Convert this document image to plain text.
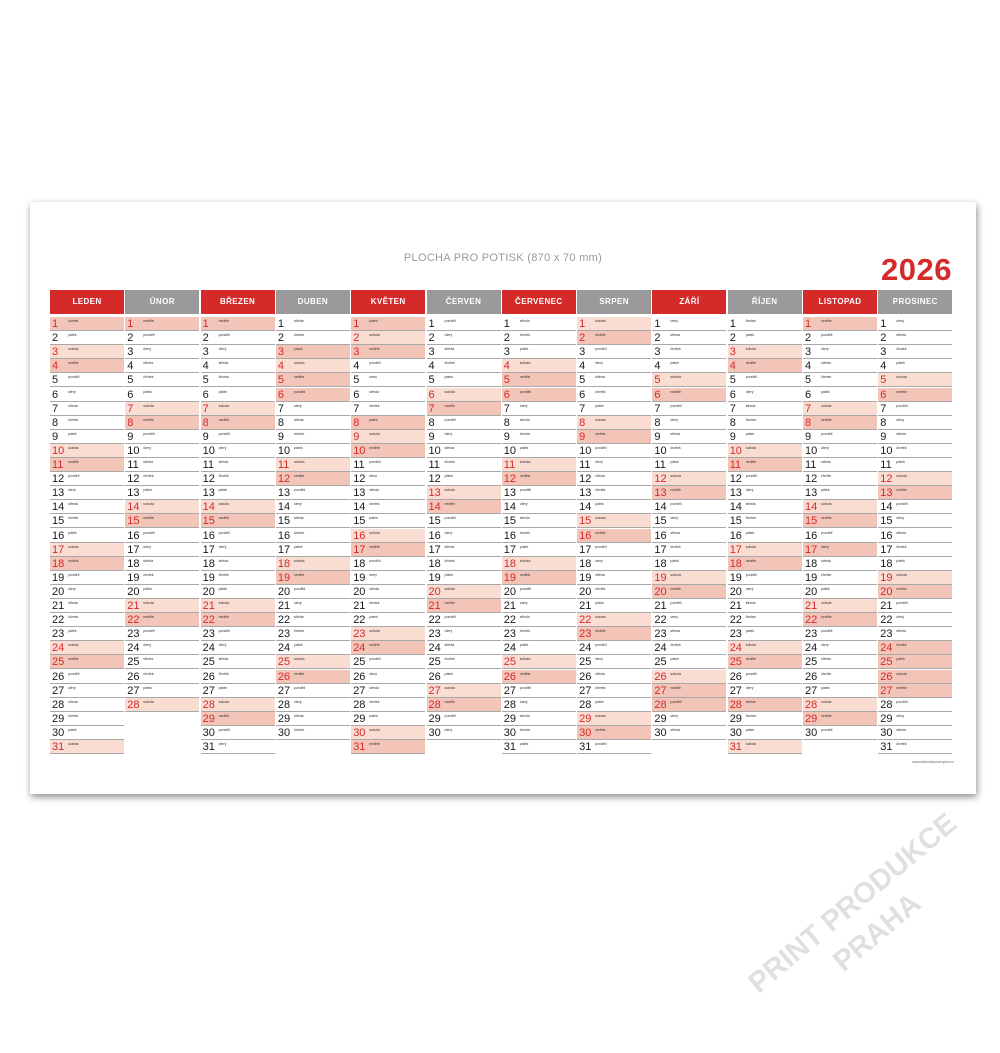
PLOCHA PRO POTISK (870 x 70 mm)	2026
LEDEN
1	čtvrtek
2	pátek
3	sobota
4	neděle
5	pondělí
6	úterý
7	středa
8	čtvrtek
9	pátek
10 sobota
11 neděle
12 pondělí
13 úterý
14 středa
15 čtvrtek
16 pátek
17 sobota
18 neděle
19 pondělí
20 úterý
21 středa
22 čtvrtek
23 pátek
24 sobota
25 neděle
26 pondělí
27 úterý
28 středa
29 čtvrtek
30 pátek
31 sobota
ÚNOR
1	neděle
2	pondělí
3	úterý
4	středa
5	čtvrtek
6	pátek
7	sobota
8	neděle
9	pondělí
10 úterý
11 středa
12 čtvrtek
13 pátek
14 sobota
15 neděle
16 pondělí
17 úterý
18 středa
19 čtvrtek
20 pátek
21 sobota
22 neděle
23 pondělí
24 úterý
25 středa
26 čtvrtek
27 pátek
28 sobota
BŘEZEN
1	neděle
2	pondělí
3	úterý
4	středa
5	čtvrtek
6	pátek
7	sobota
8	neděle
9	pondělí
10 úterý
11 středa
12 čtvrtek
13 pátek
14 sobota
15 neděle
16 pondělí
17 úterý
18 středa
19 čtvrtek
20 pátek
21 sobota
22 neděle
23 pondělí
24 úterý
25 středa
26 čtvrtek
27 pátek
28 sobota
29 neděle
30 pondělí
31 úterý
DUBEN
1	středa
2	čtvrtek
3	pátek
4	sobota
5	neděle
6	pondělí
7	úterý
8	středa
9	čtvrtek
10 pátek
11 sobota
12 neděle
13 pondělí
14 úterý
15 středa
16 čtvrtek
17 pátek
18 sobota
19 neděle
20 pondělí
21 úterý
22 středa
23 čtvrtek
24 pátek
25 sobota
26 neděle
27 pondělí
28 úterý
29 středa
30 čtvrtek
KVĚTEN
1	pátek
2	sobota
3	neděle
4	pondělí
5	úterý
6	středa
7	čtvrtek
8	pátek
9	sobota
10 neděle
11 pondělí
12 úterý
13 středa
14 čtvrtek
15 pátek
16 sobota
17 neděle
18 pondělí
19 úterý
20 středa
21 čtvrtek
22 pátek
23 sobota
24 neděle
25 pondělí
26 úterý
27 středa
28 čtvrtek
29 pátek
30 sobota
31 neděle
ČERVEN
1	pondělí
2	úterý
3	středa
4	čtvrtek
5	pátek
6	sobota
7	neděle
8	pondělí
9	úterý
10 středa
11 čtvrtek
12 pátek
13 sobota
14 neděle
15 pondělí
16 úterý
17 středa
18 čtvrtek
19 pátek
20 sobota
21 neděle
22 pondělí
23 úterý
24 středa
25 čtvrtek
26 pátek
27 sobota
28 neděle
29 pondělí
30 úterý
ČERVENEC
1	středa
2	čtvrtek
3	pátek
4	sobota
5	neděle
6	pondělí
7	úterý
8	středa
9	čtvrtek
10 pátek
11 sobota
12 neděle
13 pondělí
14 úterý
15 středa
16 čtvrtek
17 pátek
18 sobota
19 neděle
20 pondělí
21 úterý
22 středa
23 čtvrtek
24 pátek
25 sobota
26 neděle
27 pondělí
28 úterý
29 středa
30 čtvrtek
31 pátek
SRPEN
1	sobota
2	neděle
3	pondělí
4	úterý
5	středa
6	čtvrtek
7	pátek
8	sobota
9	neděle
10 pondělí
11 úterý
12 středa
13 čtvrtek
14 pátek
15 sobota
16 neděle
17 pondělí
18 úterý
19 středa
20 čtvrtek
21 pátek
22 sobota
23 neděle
24 pondělí
25 úterý
26 středa
27 čtvrtek
28 pátek
29 sobota
30 neděle
31 pondělí
ZÁŘÍ
1	úterý
2	středa
3	čtvrtek
4	pátek
5	sobota
6	neděle
7	pondělí
8	úterý
9	středa
10 čtvrtek
11 pátek
12 sobota
13 neděle
14 pondělí
15 úterý
16 středa
17 čtvrtek
18 pátek
19 sobota
20 neděle
21 pondělí
22 úterý
23 středa
24 čtvrtek
25 pátek
26 sobota
27 neděle
28 pondělí
29 úterý
30 středa
ŘÍJEN
1	čtvrtek
2	pátek
3	sobota
4	neděle
5	pondělí
6	úterý
7	středa
8	čtvrtek
9	pátek
10 sobota
11 neděle
12 pondělí
13 úterý
14 středa
15 čtvrtek
16 pátek
17 sobota
18 neděle
19 pondělí
20 úterý
21 středa
22 čtvrtek
23 pátek
24 sobota
25 neděle
26 pondělí
27 úterý
28 středa
29 čtvrtek
30 pátek
31 sobota
LISTOPAD
1	neděle
2	pondělí
3	úterý
4	středa
5	čtvrtek
6	pátek
7	sobota
8	neděle
9	pondělí
10 úterý
11 středa
12 čtvrtek
13 pátek
14 sobota
15 neděle
16 pondělí
17 úterý
18 středa
19 čtvrtek
20 pátek
21 sobota
22 neděle
23 pondělí
24 úterý
25 středa
26 čtvrtek
27 pátek
28 sobota
29 neděle
30 pondělí
PROSINEC
1	úterý
2	středa
3	čtvrtek
4	pátek
5	sobota
6	neděle
7	pondělí
8	úterý
9	středa
10 čtvrtek
11 pátek
12 sobota
13 neděle
14 pondělí
15 úterý
16 středa
17 čtvrtek
18 pátek
19 sobota
20 neděle
21 pondělí
22 úterý
23 středa
24 čtvrtek
25 pátek
26 sobota
27 neděle
28 pondělí
29 úterý
30 středa
31 čtvrtek
www.kalendarproexpres.cz
PRINT PRODUKCE PRAHA
